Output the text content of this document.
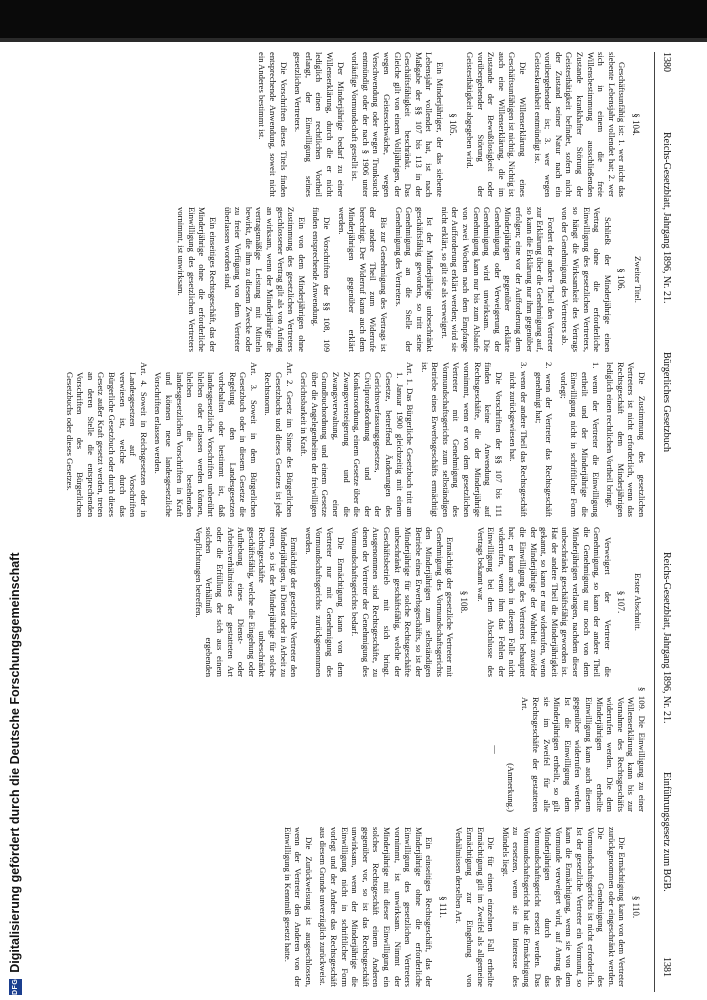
1380
Reichs-Gesetzblatt, Jahrgang 1896, Nr. 21.
Bürgerliches Gesetzbuch
Reichs-Gesetzblatt, Jahrgang 1896, Nr. 21.
Einführungsgesetz zum BGB.
1381

§ 104.

Geschäftsunfähig ist: 1. wer nicht das siebente Lebensjahr vollendet hat; 2. wer sich in einem die freie Willensbestimmung ausschließenden Zustande krankhafter Störung der Geistesthätigkeit befindet, sofern nicht der Zustand seiner Natur nach ein vorübergehender ist; 3. wer wegen Geisteskrankheit entmündigt ist.

Die Willenserklärung eines Geschäftsunfähigen ist nichtig. Nichtig ist auch eine Willenserklärung, die im Zustande der Bewußtlosigkeit oder vorübergehender Störung der Geistesthätigkeit abgegeben wird.

§ 105.

Ein Minderjähriger, der das siebente Lebensjahr vollendet hat, ist nach Maßgabe der §§ 107 bis 113 in der Geschäftsfähigkeit beschränkt. Das Gleiche gilt von einem Volljährigen, der wegen Geistesschwäche, wegen Verschwendung oder wegen Trunksucht entmündigt oder der nach § 1906 unter vorläufige Vormundschaft gestellt ist.

Der Minderjährige bedarf zu einer Willenserklärung, durch die er nicht lediglich einen rechtlichen Vortheil erlangt, der Einwilligung seines gesetzlichen Vertreters.

Die Vorschriften dieses Titels finden entsprechende Anwendung, soweit nicht ein Anderes bestimmt ist.

Zweiter Titel.

§ 106.

Schließt der Minderjährige einen Vertrag ohne die erforderliche Einwilligung des gesetzlichen Vertreters, so hängt die Wirksamkeit des Vertrags von der Genehmigung des Vertreters ab.

Fordert der andere Theil den Vertreter zur Erklärung über die Genehmigung auf, so kann die Erklärung nur ihm gegenüber erfolgen; eine vor der Aufforderung dem Minderjährigen gegenüber erklärte Genehmigung oder Verweigerung der Genehmigung wird unwirksam. Die Genehmigung kann nur bis zum Ablaufe von zwei Wochen nach dem Empfange der Aufforderung erklärt werden; wird sie nicht erklärt, so gilt sie als verweigert.

Ist der Minderjährige unbeschränkt geschäftsfähig geworden, so tritt seine Genehmigung an die Stelle der Genehmigung des Vertreters.

Bis zur Genehmigung des Vertrags ist der andere Theil zum Widerrufe berechtigt. Der Widerruf kann auch dem Minderjährigen gegenüber erklärt werden.

Die Vorschriften der §§ 108, 109 finden entsprechende Anwendung.

Ein von dem Minderjährigen ohne Zustimmung des gesetzlichen Vertreters geschlossener Vertrag gilt als von Anfang an wirksam, wenn der Minderjährige die vertragsmäßige Leistung mit Mitteln bewirkt, die ihm zu diesem Zwecke oder zu freier Verfügung von dem Vertreter überlassen worden sind.

Ein einseitiges Rechtsgeschäft, das der Minderjährige ohne die erforderliche Einwilligung des gesetzlichen Vertreters vornimmt, ist unwirksam.

Die Zustimmung des gesetzlichen Vertreters ist nicht erforderlich, wenn das Rechtsgeschäft dem Minderjährigen lediglich einen rechtlichen Vortheil bringt.

1. wenn der Vertreter die Einwilligung ertheilt und der Minderjährige die Einwilligung nicht in schriftlicher Form vorlegt;

2. wenn der Vertreter das Rechtsgeschäft genehmigt hat;

3. wenn der andere Theil das Rechtsgeschäft nicht zurückgewiesen hat.

Die Vorschriften der §§ 107 bis 111 finden keine Anwendung auf Rechtsgeschäfte, die der Minderjährige vornimmt, wenn er von dem gesetzlichen Vertreter mit Genehmigung des Vormundschaftsgerichts zum selbständigen Betriebe eines Erwerbsgeschäfts ermächtigt ist.

Art. 1. Das Bürgerliche Gesetzbuch tritt am 1. Januar 1900 gleichzeitig mit einem Gesetze, betreffend Änderungen des Gerichtsverfassungsgesetzes, der Civilprozeßordnung und der Konkursordnung, einem Gesetze über die Zwangsversteigerung und die Zwangsverwaltung, einer Grundbuchordnung und einem Gesetze über die Angelegenheiten der freiwilligen Gerichtsbarkeit in Kraft.

Art. 2. Gesetz im Sinne des Bürgerlichen Gesetzbuchs und dieses Gesetzes ist jede Rechtsnorm.

Art. 3. Soweit in dem Bürgerlichen Gesetzbuch oder in diesem Gesetze die Regelung den Landesgesetzen vorbehalten oder bestimmt ist, daß landesgesetzliche Vorschriften unberührt bleiben oder erlassen werden können, bleiben die bestehenden landesgesetzlichen Vorschriften in Kraft und können neue landesgesetzliche Vorschriften erlassen werden.

Art. 4. Soweit in Reichsgesetzen oder in Landesgesetzen auf Vorschriften verwiesen ist, welche durch das Bürgerliche Gesetzbuch oder durch dieses Gesetz außer Kraft gesetzt werden, treten an deren Stelle die entsprechenden Vorschriften des Bürgerlichen Gesetzbuchs oder dieses Gesetzes.

Erster Abschnitt.

§ 107.

Verweigert der Vertreter die Genehmigung, so kann der andere Theil die Genehmigung nur noch von dem Minderjährigen verlangen, nachdem dieser unbeschränkt geschäftsfähig geworden ist. Hat der andere Theil die Minderjährigkeit gekannt, so kann er nur widerrufen, wenn der Minderjährige der Wahrheit zuwider die Einwilligung des Vertreters behauptet hat; er kann auch in diesem Falle nicht widerrufen, wenn ihm das Fehlen der Einwilligung bei dem Abschlusse des Vertrags bekannt war.

§ 108.

Ermächtigt der gesetzliche Vertreter mit Genehmigung des Vormundschaftsgerichts den Minderjährigen zum selbständigen Betriebe eines Erwerbsgeschäfts, so ist der Minderjährige für solche Rechtsgeschäfte unbeschränkt geschäftsfähig, welche der Geschäftsbetrieb mit sich bringt. Ausgenommen sind Rechtsgeschäfte, zu denen der Vertreter der Genehmigung des Vormundschaftsgerichts bedarf.

Die Ermächtigung kann von dem Vertreter nur mit Genehmigung des Vormundschaftsgerichts zurückgenommen werden.

Ermächtigt der gesetzliche Vertreter den Minderjährigen, in Dienst oder in Arbeit zu treten, so ist der Minderjährige für solche Rechtsgeschäfte unbeschränkt geschäftsfähig, welche die Eingehung oder Aufhebung eines Dienst- oder Arbeitsverhältnisses der gestatteten Art oder die Erfüllung der sich aus einem solchen Verhältniß ergebenden Verpflichtungen betreffen.

§ 109. Die Einwilligung zu einer Willenserklärung kann bis zur Vornahme des Rechtsgeschäfts widerrufen werden. Die dem Minderjährigen ertheilte Einwilligung kann auch diesem gegenüber widerrufen werden. Ist die Einwilligung dem Minderjährigen ertheilt, so gilt sie im Zweifel für alle Rechtsgeschäfte der gestatteten Art.

(Anmerkung.)

—

§ 110.

Die Ermächtigung kann von dem Vertreter zurückgenommen oder eingeschränkt werden. Die Genehmigung des Vormundschaftsgerichts ist nicht erforderlich. Ist der gesetzliche Vertreter ein Vormund, so kann die Ermächtigung, wenn sie von dem Vormunde verweigert wird, auf Antrag des Minderjährigen durch das Vormundschaftsgericht ersetzt werden. Das Vormundschaftsgericht hat die Ermächtigung zu ersetzen, wenn sie im Interesse des Mündels liegt.

Die für einen einzelnen Fall ertheilte Ermächtigung gilt im Zweifel als allgemeine Ermächtigung zur Eingehung von Verhältnissen derselben Art.

§ 111.

Ein einseitiges Rechtsgeschäft, das der Minderjährige ohne die erforderliche Einwilligung des gesetzlichen Vertreters vornimmt, ist unwirksam. Nimmt der Minderjährige mit dieser Einwilligung ein solches Rechtsgeschäft einem Anderen gegenüber vor, so ist das Rechtsgeschäft unwirksam, wenn der Minderjährige die Einwilligung nicht in schriftlicher Form vorlegt und der Andere das Rechtsgeschäft aus diesem Grunde unverzüglich zurückweist.

Die Zurückweisung ist ausgeschlossen, wenn der Vertreter den Anderen von der Einwilligung in Kenntniß gesetzt hatte.

DFG
Digitalisierung gefördert durch die Deutsche Forschungsgemeinschaft
